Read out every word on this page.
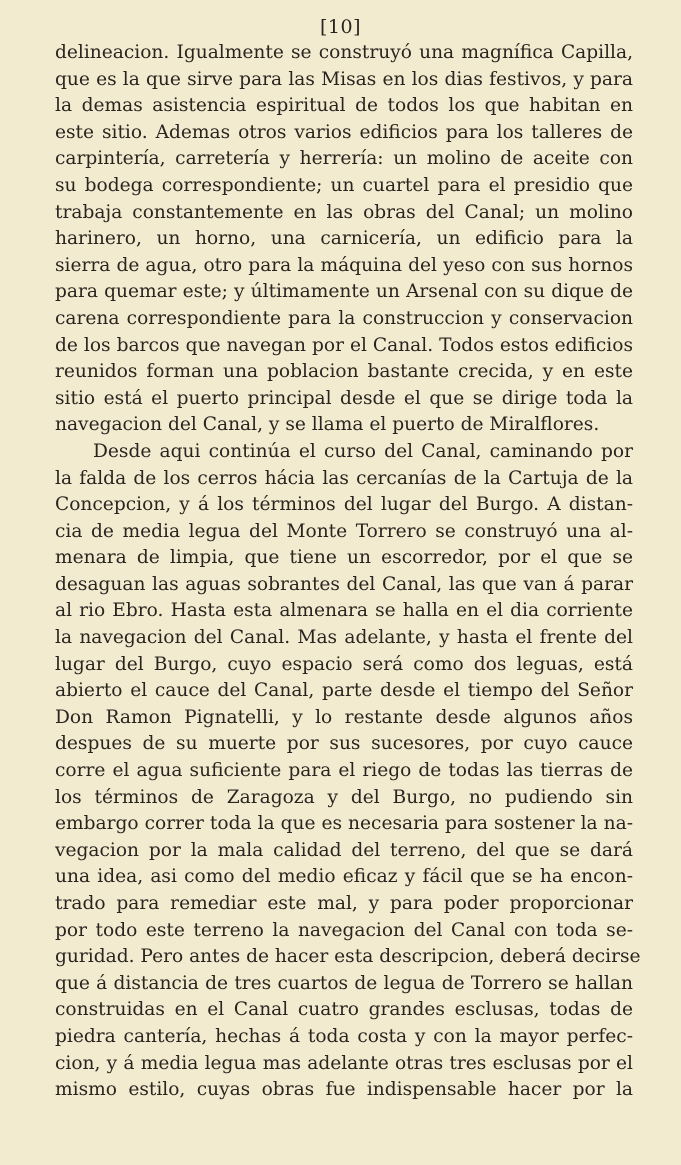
[10]
delineacion. Igualmente se construyó una magnífica Capilla,
que es la que sirve para las Misas en los dias festivos, y para
la demas asistencia espiritual de todos los que habitan en
este sitio. Ademas otros varios edificios para los talleres de
carpintería, carretería y herrería: un molino de aceite con
su bodega correspondiente; un cuartel para el presidio que
trabaja constantemente en las obras del Canal; un molino
harinero, un horno, una carnicería, un edificio para la
sierra de agua, otro para la máquina del yeso con sus hornos
para quemar este; y últimamente un Arsenal con su dique de
carena correspondiente para la construccion y conservacion
de los barcos que navegan por el Canal. Todos estos edificios
reunidos forman una poblacion bastante crecida, y en este
sitio está el puerto principal desde el que se dirige toda la
navegacion del Canal, y se llama el puerto de Miralflores.
Desde aqui continúa el curso del Canal, caminando por
la falda de los cerros hácia las cercanías de la Cartuja de la
Concepcion, y á los términos del lugar del Burgo. A distan-
cia de media legua del Monte Torrero se construyó una al-
menara de limpia, que tiene un escorredor, por el que se
desaguan las aguas sobrantes del Canal, las que van á parar
al rio Ebro. Hasta esta almenara se halla en el dia corriente
la navegacion del Canal. Mas adelante, y hasta el frente del
lugar del Burgo, cuyo espacio será como dos leguas, está
abierto el cauce del Canal, parte desde el tiempo del Señor
Don Ramon Pignatelli, y lo restante desde algunos años
despues de su muerte por sus sucesores, por cuyo cauce
corre el agua suficiente para el riego de todas las tierras de
los términos de Zaragoza y del Burgo, no pudiendo sin
embargo correr toda la que es necesaria para sostener la na-
vegacion por la mala calidad del terreno, del que se dará
una idea, asi como del medio eficaz y fácil que se ha encon-
trado para remediar este mal, y para poder proporcionar
por todo este terreno la navegacion del Canal con toda se-
guridad. Pero antes de hacer esta descripcion, deberá decirse
que á distancia de tres cuartos de legua de Torrero se hallan
construidas en el Canal cuatro grandes esclusas, todas de
piedra cantería, hechas á toda costa y con la mayor perfec-
cion, y á media legua mas adelante otras tres esclusas por el
mismo estilo, cuyas obras fue indispensable hacer por la
